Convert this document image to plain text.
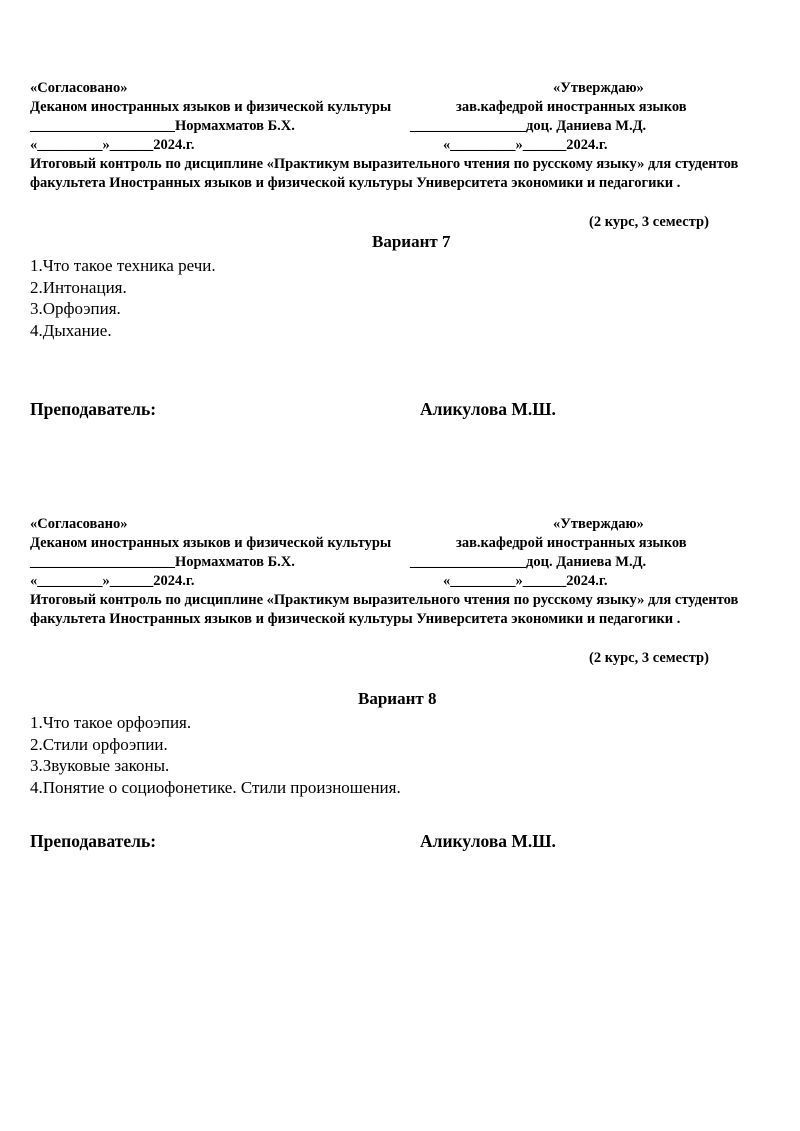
«Согласовано»	«Утверждаю»
Деканом иностранных языков и физической культуры	зав.кафедрой иностранных языков
____________________Нормахматов Б.Х.	________________доц. Даниева М.Д.
«_________»______2024.г.	«_________»______2024.г.
Итоговый контроль по дисциплине «Практикум выразительного чтения по русскому языку» для студентов факультета Иностранных языков и физической культуры Университета экономики и педагогики .
(2 курс, 3 семестр)
Вариант 7
1.Что такое техника речи.
2.Интонация.
3.Орфоэпия.
4.Дыхание.
Преподаватель:	Аликулова М.Ш.
«Согласовано»	«Утверждаю»
Деканом иностранных языков и физической культуры	зав.кафедрой иностранных языков
____________________Нормахматов Б.Х.	________________доц. Даниева М.Д.
«_________»______2024.г.	«_________»______2024.г.
Итоговый контроль по дисциплине «Практикум выразительного чтения по русскому языку» для студентов факультета Иностранных языков и физической культуры Университета экономики и педагогики .
(2 курс, 3 семестр)
Вариант 8
1.Что такое орфоэпия.
2.Стили орфоэпии.
3.Звуковые законы.
4.Понятие о социофонетике. Стили произношения.
Преподаватель:	Аликулова М.Ш.
